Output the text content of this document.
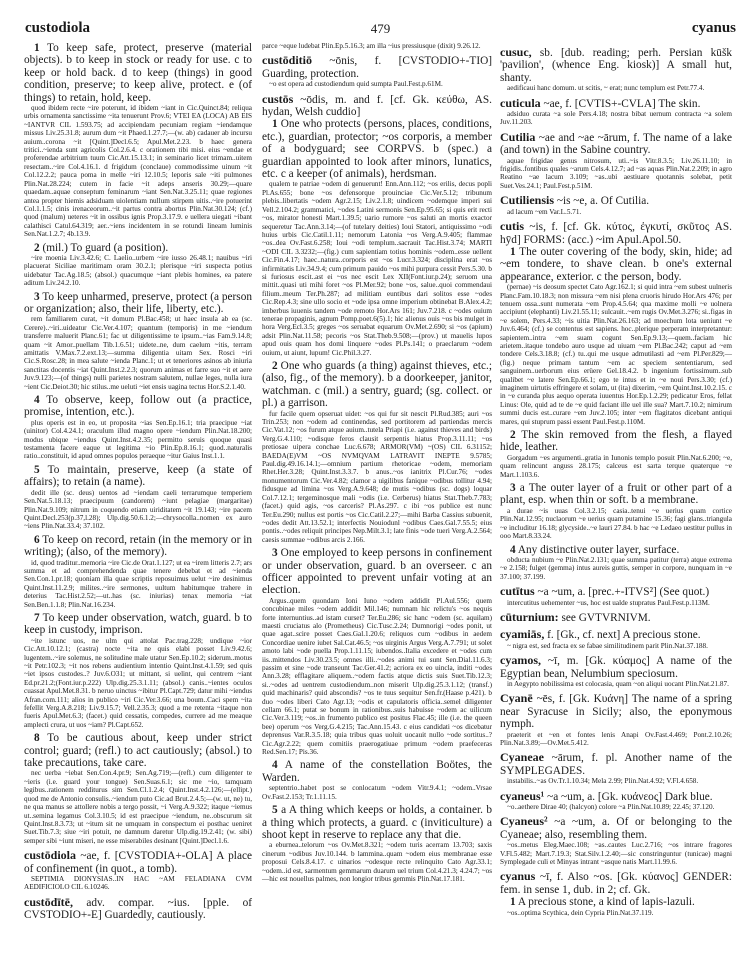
custodiola	479	cyanus

1 To keep safe, protect, preserve (material objects). b to keep in stock or ready for use. c to keep or hold back. d to keep (things) in good condition, preserve; to keep alive, protect. e (of things) to retain, hold, keep.

quod ibidem recte ~ire poterunt, id ibidem ~iant in Cic.Quinct.84; reliqua urbis ornamenta sanctissime ~ita tenuerunt Prov.6; VTEI EA (LOCA) AB EIS ~IANTVR CIL 1.593.75; ad accipiendam pecuniam regiam ~iendamque missus Liv.25.31.8; aurum dum ~it Phaed.1.27.7;—(w. ab) cadauer ab incursu auium..corona ~it [Quint.]Decl.6.5; Apul.Met.2.23. b haec genera tritici..~ienda sunt agricolis Col.2.6.4. c orationem tibi misi. eius ~endae et proferendae arbitrium tuum Cic.Att.15.13.1; in seminario licet trimam..uitem resectam..~ire Col.4.16.1. d frigidum (conclaue) commodissime uinum ~it Col.12.2.2; pauca poma in melle ~iri 12.10.5; leporis sale ~iti pulmones Plin.Nat.28.224; cutem in facie ~it adeps anseris 30.29;—quare quaedam..aquae conseptum feminarum ~iant Sen.Nat.3.25.11; quae regiones antea propter hiemis adsiduam uiolentiam nullum stirpem uitis..~ire potuerint Col.1.1.5; cinis irenaceorum..~it partus contra abortus Plin.Nat.30.124; (cf.) quod (malum) ueteres ~it in ossibus ignis Prop.3.17.9. e uellera uiegati ~ibant calathisci Catul.64.319; aer..~iens incidentem in se rotundi lineam luminis Sen.Nat.1.2.7; 4b.13.9.

2 (mil.) To guard (a position).

~ire moenia Liv.3.42.6; C. Laelio..urbem ~ire iusso 26.48.1; nauibus ~iri placuerat Siciliae maritimam oram 30.2.1; plerisque ~iri suspecta potius uidebatur Tac.Ag.18.5; (absol.) quacumque ~iant plebis homines, ea patere aditum Liv.24.2.10.

3 To keep unharmed, preserve, protect (a person or organization; also, their life, liberty, etc.).

rem familiarem curat, ~it domum Pl.Bac.458; ut haec insula ab ea (sc. Cerere)..~iri..uideatur Cic.Ver.4.107; quantum (temporis) in me ~iendum transferre maluerit Planc.61; fac ut diligentissime te ipsum..~ias Fam.9.14.8; quam ~it Amor..puellam Tib.1.6.51; uidete..ne, dum caelum ~itis, terram amittatis V.Max.7.2.ext.13;—summa diligentia uitam Sex. Rosci ~iri Cic.S.Rosc.28; in mea salute ~ienda Planc.1; ut et teneriores asinos ab iniuria sanctitas docentis ~iat Quint.Inst.2.2.3; quorum animas et farre suo ~it et aere Juv.9.123;—(of things) nulli parietes nostram salutem, nullae leges, nulla iura ~ient Cic.Deiot.30; hic stilus..me ueluti ~iet ensis uagina tectus Hor.S.2.1.40.

4 To observe, keep, follow out (a practice, promise, intention, etc.).

plus operis est in eo, ut proposita ~ias Sen.Ep.16.1; tria praecipue ~iat (uinitor) Col.4.24.1; oraculum illud magno opere ~iendum Plin.Nat.18.200; modus ubique ~iendus Quint.Inst.4.2.35; permitto seruis quoque quasi testamenta facere eaque ut legitima ~io Plin.Ep.8.16.1; quod..naturalis ratio..constituit, id apud omnes populos peraeque ~itur Gaius Inst.1.1.

5 To maintain, preserve, keep (a state of affairs); to retain (a name).

dedit ille (sc. deus) uentos ad ~iendam caeli terrarumque temperiem Sen.Nat.5.18.13; praecipuum (candorem) ~iunt pelagiae (margaritae) Plin.Nat.9.109; nitrum in coquendo etiam uiriditatem ~it 19.143; ~ire pacem Quint.Decl.253(p.37,l.28); Ulp.dig.50.6.1.2;—chrysocolla..nomen ex auro ~iens Plin.Nat.33.4; 37.102.

6 To keep on record, retain (in the memory or in writing); (also, of the memory).

id, quod traditur..memoria ~ire Cic.de Orat.1.127; ut ea ~irem litteris 2.7; ars summa et ad comprehendenda quae tenere debebat et ad ~ienda Sen.Con.1.pr.18; quoniam illa quae scriptis reposuimus uelut ~ire desinimus Quint.Inst.11.2.9; milites..~ire sermones, uultum habitumque trahere in deterius Tac.Hist.2.52;—ut..has (sc. iniurias) tenax memoria ~iat Sen.Ben.1.1.8; Plin.Nat.16.234.

7 To keep under observation, watch, guard. b to keep in custody, imprison.

~ite istunc uos, ne ulm qui attolat Pac.trag.228; undique ~ior Cic.Att.10.12.1; (castra) nocte ~ita ne quis elabi posset Liv.9.42.6; lugentem..~ire solemus, ne solitudine male utatur Sen.Ep.10.2; siderum..motus ~it Petr.102.3; ~it nos rebens audientium intentio Quint.Inst.4.1.59; sed quis ~iet ipsos custodes..? Juv.6.O31; ut mittant, si uelint, qui centrem ~iant Ed.pr.21.2;(Font.iur.p.222) Ulp.dig.25.3.1.11; (absol.) canis..~ientes oculos cuassat Apul.Met.8.31. b neruo uinctus ~ibitur Pl.Capt.729; datur mihi ~iendus Afran.com.111; alios in publico ~iri Cic.Ver.3.66; una boum..Caci spem ~ita fefellit Verg.A.8.218; Liv.9.15.7; Vell.2.35.3; quod a me retenta ~itaque non fueris Apul.Met.6.3; (facet.) quid cessatis, compedes, currere ad me meaque amplecti crura, ut uos ~iam? Pl.Capt.652.

8 To be cautious about, keep under strict control; guard; (refl.) to act cautiously; (absol.) to take precautions, take care.

nec uerba ~iebat Sen.Con.4.pr.9; Sen.Ag.719;—(refl.) cum diligenter te ~ieris (i.e. guard your tongue) Sen.Suas.6.1; sic me ~io, tamquam legibus..rationem redditurus sim Sen.Cl.1.2.4; Quint.Inst.4.2.126;—(ellipt.) quod me de Antonio consulis..~iendum puto Cic.ad Brut.2.4.5;—(w. ut, ne) tu, ne qua manus se attollere nobis a tergo possit, ~i Verg.A.9.322; itaque ~iemus ut..semina legamus Col.3.10.5; id est praecipue ~iendum, ne..obscurum sit Quint.Inst.8.3.73; ut ~itum sit ne umquam in conspectum ei posthac ueniret Suet.Tib.7.3; siue ~iri potuit, ne damnum daretur Ulp.dig.19.2.41; (w. sibi) semper sibi ~iunt miseri, ne esse miserabiles desinant [Quint.]Decl.1.6.

custōdiola ~ae, f. [CVSTODIA+-OLA] A place of confinement (in quot., a tomb).

SEPTIMIA DIONYSIAS..IN HAC ~AM FELADIANA CVM AEDIFICIOLO CIL 6.10246.

custōdītē, adv. compar. ~ius. [pple. of CVSTODIO+-E] Guardedly, cautiously.

parce ~eque ludebat Plin.Ep.5.16.3; am illa ~ius pressiusque (dixit) 9.26.12.

custōditiō ~ōnis, f. [CVSTODIO+-TIO] Guarding, protection.

~o est opera ad custodiendum quid sumpta Paul.Fest.p.61M.

custōs ~ōdis, m. and f. [cf. Gk. κεύθω, AS. hydan, Welsh cuddio]

1 One who protects (persons, places, conditions, etc.), guardian, protector; ~os corporis, a member of a bodyguard; see CORPVS. b (spec.) a guardian appointed to look after minors, lunatics, etc. c a keeper (of animals), herdsman.

qualem te patriae ~odem di genuerunt! Enn.Ann.112; ~os erilis, decus popli Pl.As.655; bone ~os defensorque prouinciae Cic.Ver.5.12; tribunum plebis..libertatis ~odem Agr.2.15; Liv.2.1.8; uindicem ~odemque imperi sui Vell.2.104.2; grammatici, ~odes Latini sermonis Sen.Ep.95.65; si quis erit recti ~os, mirator honesti Mart.1.39.5; uario rumore ~os saluti an mortis exactor sequeretur Tac.Ann.3.14;—(of tutelary deities) Ioui Statori, antiquissimo ~odi huius urbis Cic.Catil.1.11; nemorum Latonia ~os Verg.A.9.405; flammae ~os..dea Ov.Fast.6.258; Ioui ~odi templum..sacrauit Tac.Hist.3.74; MARTI ~ODI CIL 3.3232;—(fig.) cum sapientiam totius hominis ~odem..esse uellent Cic.Fin.4.17; haec..natura..corporis est ~os Lucr.3.324; disciplina erat ~os infirmitatis Liv.34.9.4; cum primum pauido ~os mihi purpura cessit Pers.5.30. b si furiosus escit..ast ei ~os nec escit Lex XII(Font.iur.p.24); seruom una mittit..quasi uti mihi foret ~os Pl.Mer.92; bone ~os, salue..quoi commendaui filium..meum Ter.Ph.287; ad militiam euntibus dari solitos esse ~odes Cic.Rep.4.3; sine ullo socio et ~ode ipsa omne imperium obtinebat B.Alex.4.2; imberbus iuuenis tandem ~ode remoto Hor.Ars 161; Juv.7.218. c ~odes ouium tenerae propaginis, agnum Pomp.poet.6(5).1; hic alienus ouis ~os bis mulget in hora Verg.Ecl.3.5; greges ~os seruabat equarum Ov.Met.2.690; si ~os (apium) adsit Plin.Nat.11.58; pecoris ~os Stat.Theb.9.508;—(prov.) ut mauelis lupos apud ouis quam hos domi linquere ~odes Pl.Ps.141; o praeclarum ~odem ouium, ut aiunt, lupum! Cic.Phil.3.27.

2 One who guards (a thing) against thieves, etc.; (also, fig., of the memory). b a doorkeeper, janitor, watchman. c (mil.) a sentry, guard; (sg. collect. or pl.) a garrison.

fur facile quem opseruat uidet: ~os qui fur sit nescit Pl.Rud.385; auri ~os Trin.253; non ~odem ad continendas, sed portitorem ad partiendas mercis Cic.Vat.12; ~os furum atque auium..tutela Priapi (i.e. against thieves and birds) Verg.G.4.110; ~odisque feros clausit serpentis hiatus Prop.3.11.11; ~os pretiosae uipera conchae Luc.6.678; ARMOR(VM) ~(OS) CIL 6.31152; BAEDA(E)VM ~OS NVMQVAM LATRAVIT INEPTE 9.5785; Paul.dig.49.16.14.1;—omnium partium rhetoricae ~odem, memoriam Rhet.Her.3.28; Quint.Inst.3.3.7. b anus..~os ianitrix Pl.Cur.76; ~odes monumentorum Cic.Ver.4.82; clamor a uigilibus fanique ~odibus tollitur 4.94; fidusque ad limina ~os Verg.A.9.648; de mutis ~odibus (sc. dogs) loquar Col.7.12.1; tergeminosque mali ~odis (i.e. Cerberus) hiatus Stat.Theb.7.783; (facet.) quid agis, ~os carceris? Pl.As.297. c ibi ~os publice est nunc Ter.Eu.290; nullus est portis ~os Cic.Catil.2.27;—mihi Barba Cassius subuenit, ~odes dedit Att.13.52.1; interfectis Nouiodunl ~odibus Caes.Gal.7.55.5; eius pontis..~odes reliquit principes Nep.Milt.3.1; late finis ~ode tueri Verg.A.2.564; caesis summae ~odibus arcis 2.166.

3 One employed to keep persons in confinement or under observation, guard. b an overseer. c an officer appointed to prevent unfair voting at an election.

Argus..quem quondam Ioni Iuno ~odem addidit Pl.Aul.556; quem concubinae miles ~odem addidit Mil.146; numnam hic relictu's ~os nequis forte internuntius..ad istam curset? Ter.Eu.286; sic hanc ~odem (sc. aquilam) maesti cruciatus alo (Prometheus) Cic.Tusc.2.24; Dumnorigi ~odes ponit, ut quae agat..scire posset Caes.Gal.1.20.6; reliquos cum ~odibus in aedem Concordiae uenire iubet Sal.Cat.46.5; ~os uirginis Argus Verg.A.7.791; ut solet amoto labi ~ode puella Prop.1.11.15; iubendos..Italia excedere et ~odes cum iis..mittendos Liv.30.23.5; omnes illi..~odes animi tui sunt Sen.Dial.11.6.3; passim et sine ~ode transeunt Tac.Ger.41.2; acriora ex eo uincla, inditi ~odes Ann.3.28; efflagitare aliquem..~odem factis atque dictis suis Suet.Tib.12.3; si..~odes ad uentrem custodiendum..non miserit Ulp.dig.25.3.1.12; (transf.) quid machinaris? quid abscondis? ~os te tuus sequitur Sen.fr.(Haase p.421). b duo ~odes liberi Cato Agr.13; ~odis et capulatoris officia..semel diligenter cellam 66.1; putat se bonum in rationibus..suis habuisse ~odem ac uilicum Cic.Ver.3.119; ~os..in frumento publico est positus Flac.45; ille (i.e. the queen bee) operum ~os Verg.G.4.215; Tac.Ann.15.43. c eius candidati ~os dicebatur deprensus Var.R.3.5.18; quia tribus quas uoluit uocauit nullo ~ode sortitus..? Cic.Agr.2.22; quem comitiis praerogatiuae primum ~odem praefeceras Red.Sen.17; Pis.36.

4 A name of the constellation Boötes, the Warden.

septentrio..habet post se conlocatum ~odem Vitr.9.4.1; ~odem..Vrsae Ov.Fast.2.153; Tr.1.11.15.

5 a A thing which keeps or holds, a container. b a thing which protects, a guard. c (inviticulture) a shoot kept in reserve to replace any that die.

a eburnea..telorum ~os Ov.Met.8.321; ~odem turis acerram 13.703; saxis cinerum ~odibus Juv.10.144. b lammina..quam ~odem eius membranae esse proposui Cels.8.4.17. c uinarios ~odesque recte relinquito Cato Agr.33.1; ~odem..id est, sarmentum gemmarum duarum uel trium Col.4.21.3; 4.24.7; ~os—hic est nouellus palmes, non longior tribus gemmis Plin.Nat.17.181.

cusuc, sb. [dub. reading; perh. Persian kūšk 'pavilion', (whence Eng. kiosk)] A small hut, shanty.

aedificaui hanc domum. ut scitis, ~ erat; nunc templum est Petr.77.4.

cuticula ~ae, f. [CVTIS+-CVLA] The skin.

adsiduo curata ~a sole Pers.4.18; nostra bibat uernum contracta ~a solem Juv.11.203.

Cutilia ~ae and ~ae ~ārum, f. The name of a lake (and town) in the Sabine country.

aquae frigidae genus nitrosum, uti..~is Vitr.8.3.5; Liv.26.11.10; in frigidis..fontibus quales ~arum Cels.4.12.7; ad ~as aquas Plin.Nat.2.209; in agro Reatino ~ae lacum 3.109; ~as..ubi aestiuare quotannis solebat, petit Suet.Ves.24.1; Paul.Fest.p.51M.

Cutiliensis ~is ~e, a. Of Cutilia.

ad lacum ~em Var.L.5.71.

cutis ~is, f. [cf. Gk. κύτος, ἐγκυτί, σκῦτος AS. hȳd] FORMS: (acc.) ~im Apul.Apol.50.

1 The outer covering of the body, skin, hide; ad ~em tondere, to shave clean. b one's external appearance, exterior. c the person, body.

(pernae) ~is deosum spectet Cato Agr.162.1; si quid intra ~em subest uulneris Planc.Fam.10.18.3; non missura ~em nisi plena cruoris hirudo Hor.Ars 476; per tenuem ossa..sunt numerata ~em Prop.4.5.64; qua maxime molli ~e uolnera accipiunt (elephanti) Liv.21.55.11; sulcauit..~em rugis Ov.Met.3.276; si..figas in ~e solem, Pers.4.33; ~is uitia Plin.Nat.26.163; ad moechum lota ueniunt ~e Juv.6.464; (cf.) se contentus est sapiens. hoc..plerique perperam interpretantur: sapientem..intra ~em suam cogunt Sen.Ep.9.13;—quem..faciam hic arietem..itaque tondebo auro usque ad uiuam ~em Pl.Bac.242; caput ad ~em tondere Cels.3.18.8; (cf.) tu..qui me usque admutilasti ad ~em Pl.Per.829;—(fig.) neque primam tantum ~em ac speciem sententiarum, sed sanguinem..uerborum eius erüere Gel.18.4.2. b ingenium fortissimum..sub qualibet ~e latere Sen.Ep.66.1; ego te intus et in ~e noui Pers.3.30; (cf.) imaginem uirtutis effringere et solam, ut (ita) dixerim, ~em Quint.Inst.10.2.15. c in ~e curanda plus aequo operata iuuentus Hor.Ep.1.2.29; pedicatur Eros, fellat Linus: Ole, quid ad te de ~e quid faciant ille uel ille sua? Mart.7.10.2; nimirum summi ducis est..curare ~em Juv.2.105; inter ~em flagitatos dicebant antiqui mares, qui stuprum passi essent Paul.Fest.p.110M.

2 The skin removed from the flesh, a flayed hide, leather.

Gorgadum ~es argumenti..gratia in Iunonis templo posuit Plin.Nat.6.200; ~e, quam relincunt anguss 28.175; calceus est sarta terque quaterque ~e Mart.1.103.6.

3 a The outer layer of a fruit or other part of a plant, esp. when thin or soft. b a membrane.

a durae ~is uuas Col.3.2.15; casia..tenui ~e uerius quam cortice Plin.Nat.12.95; nuclaorum ~e uerius quam putamine 15.36; fagi glans..triangula ~e includitur 16.18; glycyside..~e lauri 27.84. b hac ~e Ledaeo uestitur pullus in ooo Mart.8.33.24.

4 Any distinctive outer layer, surface.

obducta nubium ~e Plin.Nat.2.131; quae summa patitur (terra) atque extrema ~e 2.158; fulget (gemma) intus aureis guttis, semper in corpore, nunquam in ~e 37.100; 37.199.

cutītus ~a ~um, a. [prec.+-ITVS²] (See quot.)

intercutitus uehementer ~us, hoc est ualde stupratus Paul.Fest.p.113M.

cūturnium: see GVTVRNIVM.

cyamiās, f. [Gk., cf. next] A precious stone.

~ nigra est, sed fracta ex se fabae similitudinem parit Plin.Nat.37.188.

cyamos, ~ī, m. [Gk. κύαμος] A name of the Egyptian bean, Nelumbium speciosum.

in Aegypto nobilissima est colocasia, quam ~on aliqui uocant Plin.Nat.21.87.

Cyanē ~ēs, f. [Gk. Κυάνη] The name of a spring near Syracuse in Sicily; also, the eponymous nymph.

praeterit et ~en et fontes lenis Anapi Ov.Fast.4.469; Pont.2.10.26; Plin.Nat.3.89;—Ov.Met.5.412.

Cyaneae ~ārum, f. pl. Another name of the SYMPLEGADES.

instabilis..~as Ov.Tr.1.10.34; Mela 2.99; Plin.Nat.4.92; V.Fl.4.658.

cyaneus¹ ~a ~um, a. [Gk. κυάνεος] Dark blue.

~o..aethere Dirae 40; (halcyon) colore ~a Plin.Nat.10.89; 22.45; 37.120.

Cyaneus² ~a ~um, a. Of or belonging to the Cyaneae; also, resembling them.

~os..metus Eleg.Maec.108; ~as..cautes Luc.2.716; ~os intrare fragores V.Fl.5.482; Mart.7.19.3; Stat.Silv.1.2.40;—sic constringuntur (tunicae) magni Symplegade culi et Minyas intrant ~asque natis Mart.11.99.6.

cyanus ~ī, f. Also ~os. [Gk. κύανος] GENDER: fem. in sense 1, dub. in 2; cf. Gk.

1 A precious stone, a kind of lapis-lazuli.

~os..optima Scythica, dein Cypria Plin.Nat.37.119.
